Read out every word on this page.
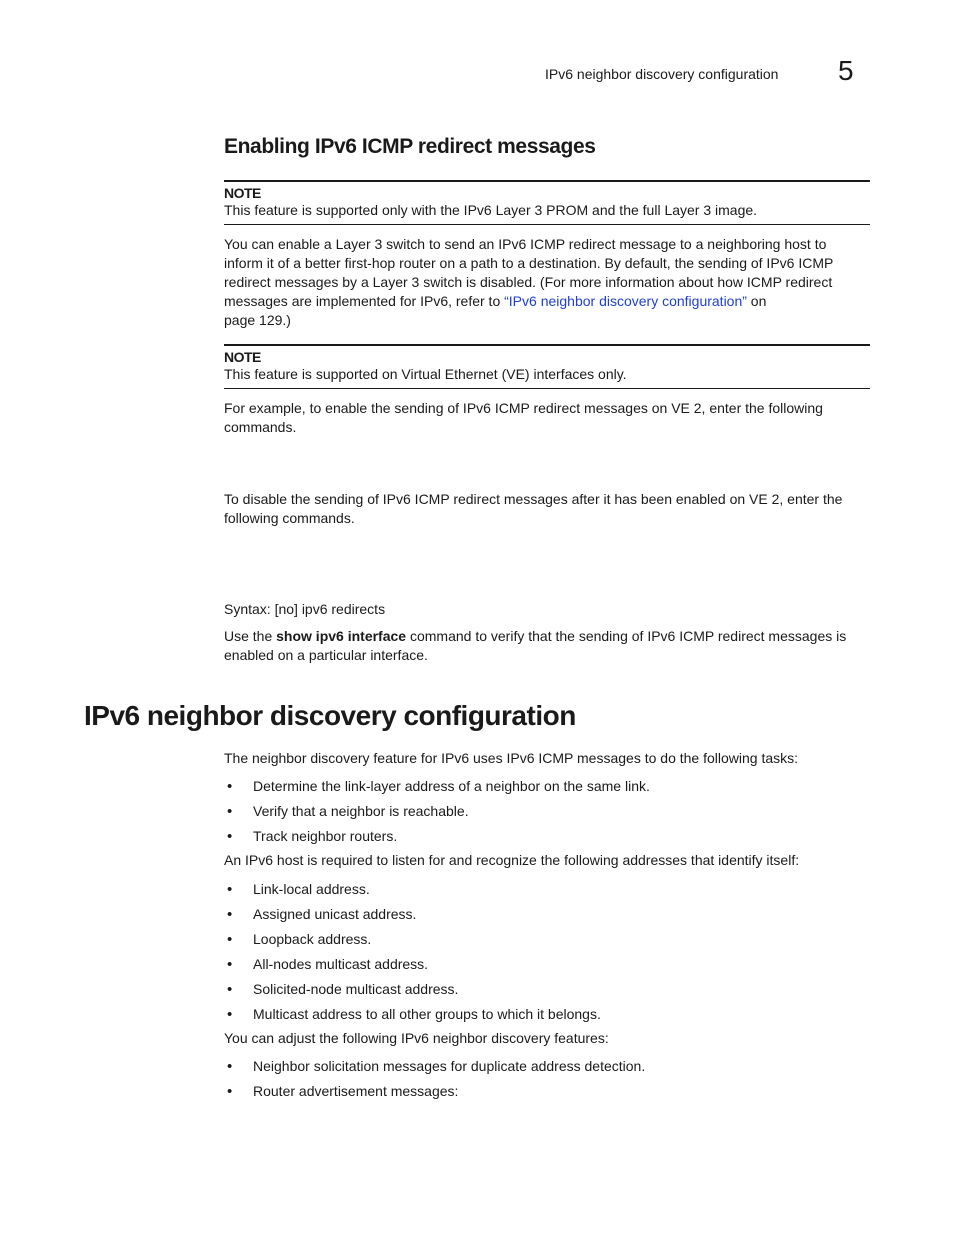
IPv6 neighbor discovery configuration 5
Enabling IPv6 ICMP redirect messages
NOTE
This feature is supported only with the IPv6 Layer 3 PROM and the full Layer 3 image.

You can enable a Layer 3 switch to send an IPv6 ICMP redirect message to a neighboring host to

inform it of a better first-hop router on a path to a destination. By default, the sending of IPv6 ICMP

redirect messages by a Layer 3 switch is disabled. (For more information about how ICMP redirect

messages are implemented for IPv6, refer to “IPv6 neighbor discovery configuration” on

page 129.)

NOTE
This feature is supported on Virtual Ethernet (VE) interfaces only.

For example, to enable the sending of IPv6 ICMP redirect messages on VE 2, enter the following

commands.

To disable the sending of IPv6 ICMP redirect messages after it has been enabled on VE 2, enter the

following commands.

Syntax: [no] ipv6 redirects

Use the show ipv6 interface command to verify that the sending of IPv6 ICMP redirect messages is

enabled on a particular interface.

IPv6 neighbor discovery configuration
The neighbor discovery feature for IPv6 uses IPv6 ICMP messages to do the following tasks:
• Determine the link-layer address of a neighbor on the same link.
• Verify that a neighbor is reachable.
• Track neighbor routers.
An IPv6 host is required to listen for and recognize the following addresses that identify itself:
• Link-local address.
• Assigned unicast address.
• Loopback address.
• All-nodes multicast address.
• Solicited-node multicast address.
• Multicast address to all other groups to which it belongs.
You can adjust the following IPv6 neighbor discovery features:
• Neighbor solicitation messages for duplicate address detection.
• Router advertisement messages:
